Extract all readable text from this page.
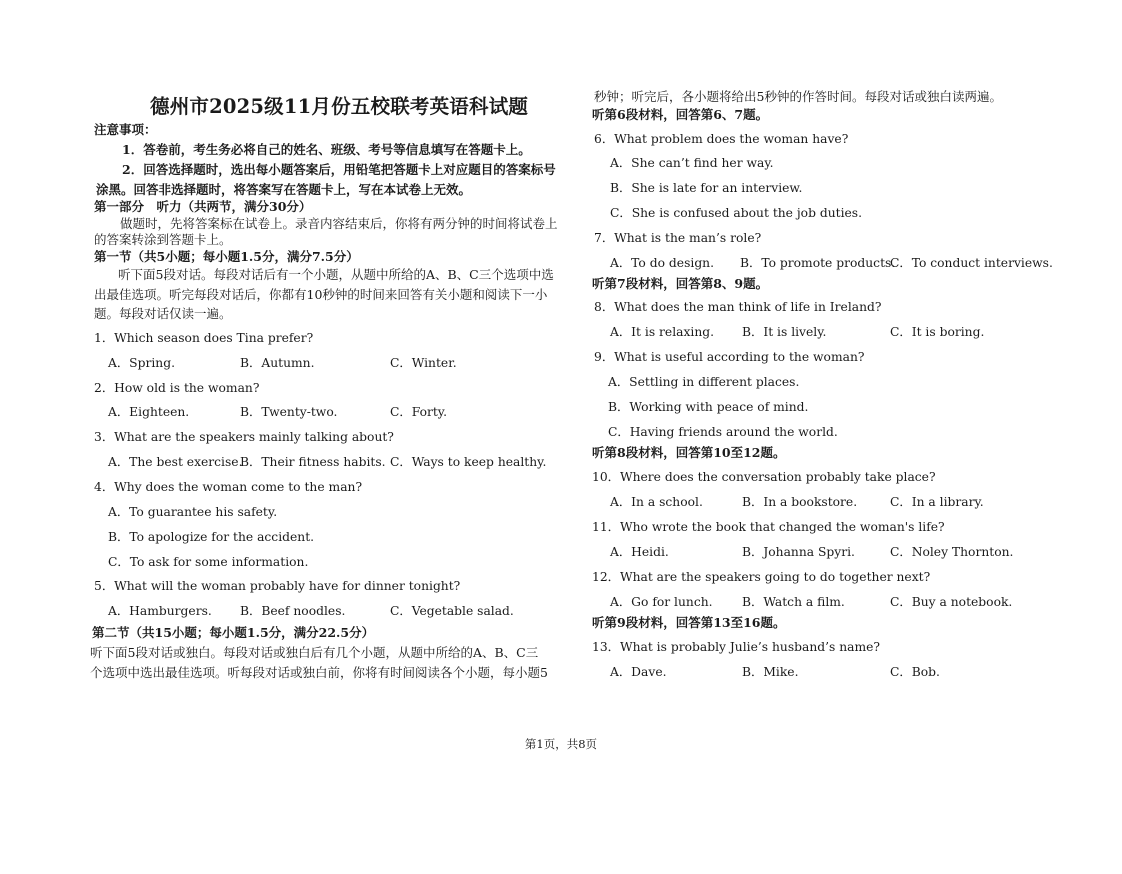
德州市2025级11月份五校联考英语科试题
注意事项：
1．答卷前，考生务必将自己的姓名、班级、考号等信息填写在答题卡上。
2．回答选择题时，选出每小题答案后，用铅笔把答题卡上对应题目的答案标号
涂黑。回答非选择题时，将答案写在答题卡上，写在本试卷上无效。
第一部分　听力（共两节，满分30分）
做题时，先将答案标在试卷上。录音内容结束后，你将有两分钟的时间将试卷上
的答案转涂到答题卡上。
第一节（共5小题；每小题1.5分，满分7.5分）
听下面5段对话。每段对话后有一个小题，从题中所给的A、B、C三个选项中选
出最佳选项。听完每段对话后，你都有10秒钟的时间来回答有关小题和阅读下一小
题。每段对话仅读一遍。
1．Which season does Tina prefer?
A．Spring.	B．Autumn.	C．Winter.
2．How old is the woman?
A．Eighteen.	B．Twenty-two.	C．Forty.
3．What are the speakers mainly talking about?
A．The best exercise.
B．Their fitness habits. C．Ways to keep healthy.
4．Why does the woman come to the man?
A．To guarantee his safety.
B．To apologize for the accident.
C．To ask for some information.
5．What will the woman probably have for dinner tonight?
A．Hamburgers. B．Beef noodles.	C．Vegetable salad.
第二节（共15小题；每小题1.5分，满分22.5分）
听下面5段对话或独白。每段对话或独白后有几个小题，从题中所给的A、B、C三
个选项中选出最佳选项。听每段对话或独白前，你将有时间阅读各个小题，每小题5
秒钟；听完后，各小题将给出5秒钟的作答时间。每段对话或独白读两遍。
听第6段材料，回答第6、7题。
6．What problem does the woman have?
A．She can’t find her way.
B．She is late for an interview.
C．She is confused about the job duties.
7．What is the man’s role?
A．To do design. B．To promote products.
C．To conduct interviews.
听第7段材料，回答第8、9题。
8．What does the man think of life in Ireland?
A．It is relaxing. B．It is lively.	C．It is boring.
9．What is useful according to the woman?
A．Settling in different places.
B．Working with peace of mind.
C．Having friends around the world.
听第8段材料，回答第10至12题。
10．Where does the conversation probably take place?
A．In a school.	B．In a bookstore.	C．In a library.
11．Who wrote the book that changed the woman's life?
A．Heidi.	B．Johanna Spyri.	C．Noley Thornton.
12．What are the speakers going to do together next?
A．Go for lunch. B．Watch a film.	C．Buy a notebook.
听第9段材料，回答第13至16题。
13．What is probably Julie’s husband’s name?
A．Dave.	B．Mike.	C．Bob.
第1页，共8页
